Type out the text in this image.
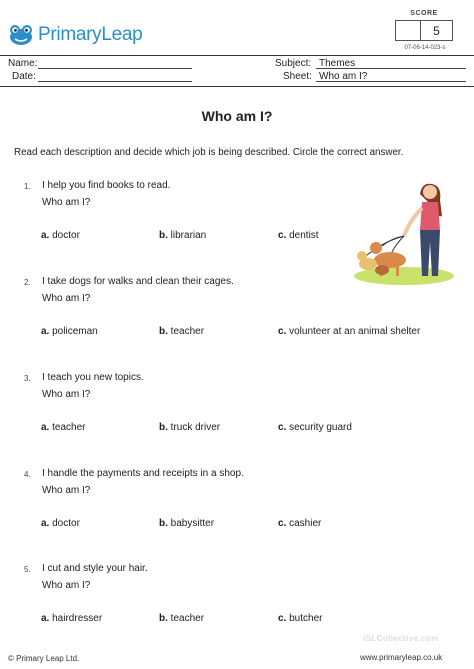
PrimaryLeap
SCORE
5
07-06-14-023-s
Name:
Date:
Subject: Themes
Sheet: Who am I?
Who am I?
Read each description and decide which job is being described. Circle the correct answer.
1. I help you find books to read.
Who am I?
a. doctor	b. librarian	c. dentist
2. I take dogs for walks and clean their cages.
Who am I?
a. policeman	b. teacher	c. volunteer at an animal shelter
3. I teach you new topics.
Who am I?
a. teacher	b. truck driver	c. security guard
4. I handle the payments and receipts in a shop.
Who am I?
a. doctor	b. babysitter	c. cashier
5. I cut and style your hair.
Who am I?
a. hairdresser	b. teacher	c. butcher
iSLCollective.com
© Primary Leap Ltd.	www.primaryleap.co.uk
